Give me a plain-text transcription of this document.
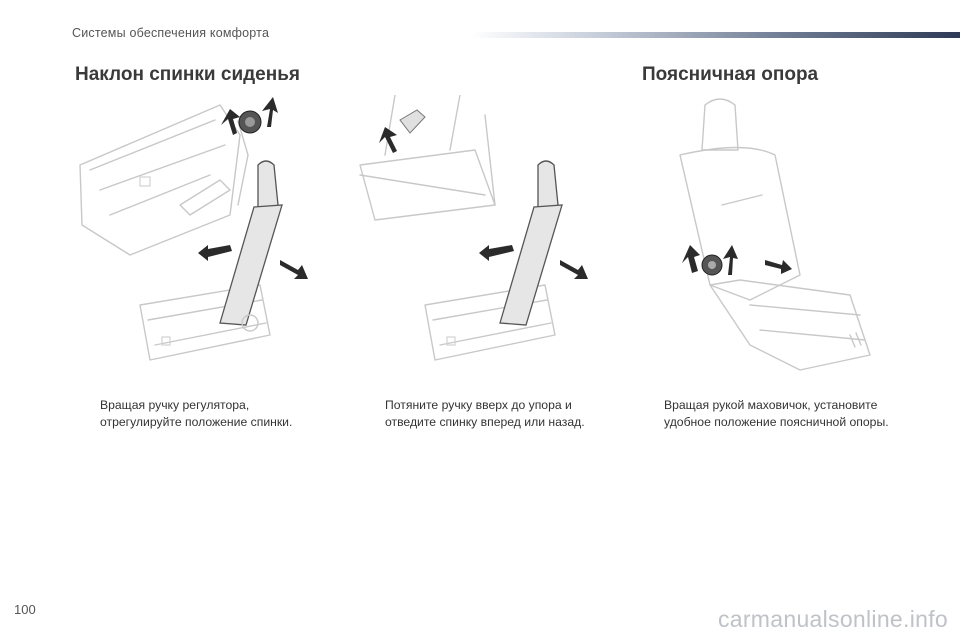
Системы обеспечения комфорта
Наклон спинки сиденья	Поясничная опора
Вращая ручку регулятора,
отрегулируйте положение спинки.
Потяните ручку вверх до упора и
отведите спинку вперед или назад.
Вращая рукой маховичок, установите
удобное положение поясничной опоры.
100	carmanualsonline.info
